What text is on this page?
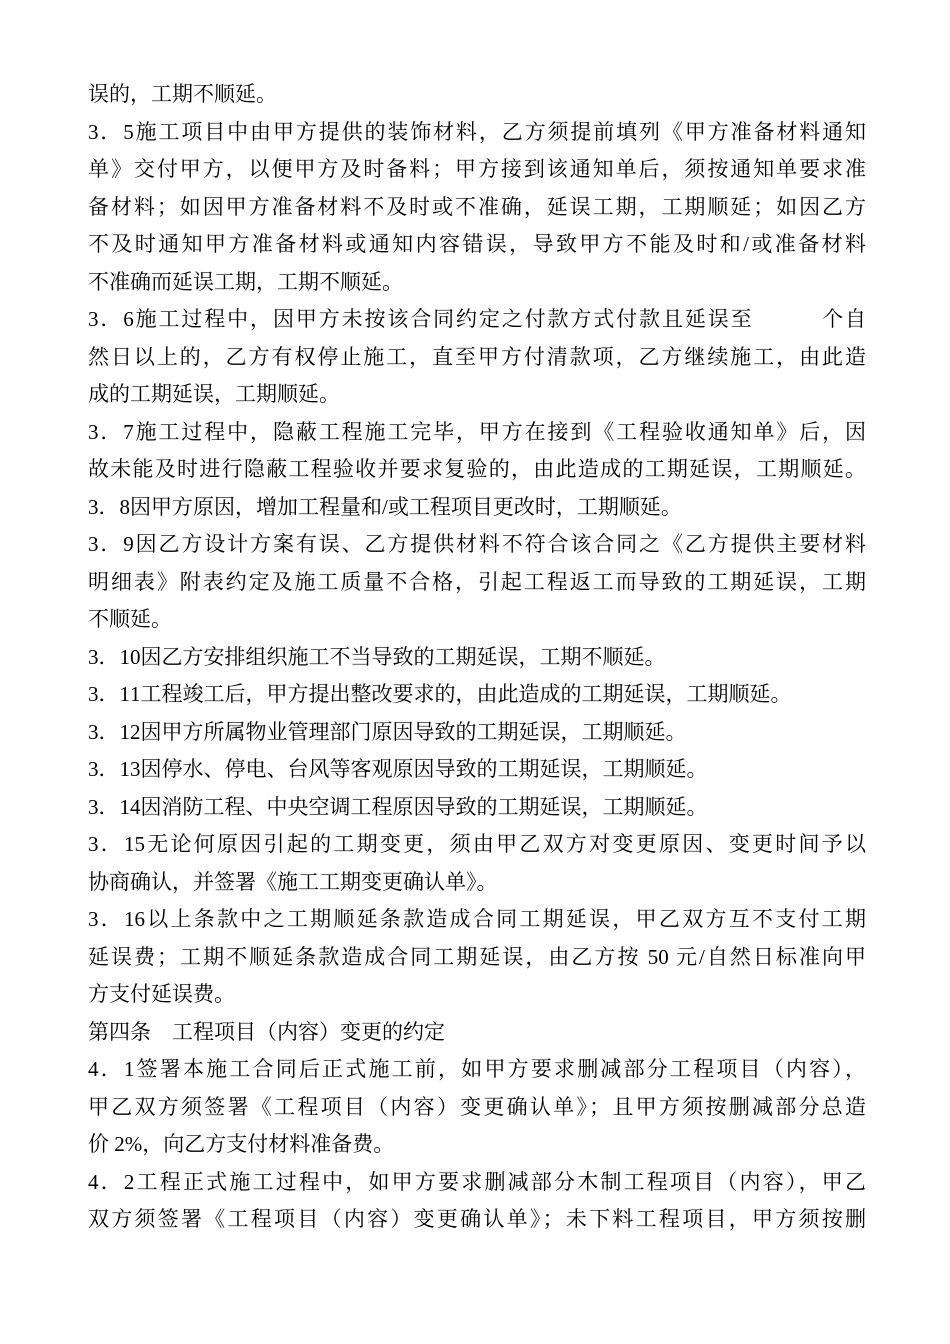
误的，工期不顺延。
3．5施工项目中由甲方提供的装饰材料，乙方须提前填列《甲方准备材料通知
单》交付甲方，以便甲方及时备料；甲方接到该通知单后，须按通知单要求准
备材料；如因甲方准备材料不及时或不准确，延误工期，工期顺延；如因乙方
不及时通知甲方准备材料或通知内容错误，导致甲方不能及时和/或准备材料
不准确而延误工期，工期不顺延。
3．6施工过程中，因甲方未按该合同约定之付款方式付款且延误至　　　个自
然日以上的，乙方有权停止施工，直至甲方付清款项，乙方继续施工，由此造
成的工期延误，工期顺延。
3．7施工过程中，隐蔽工程施工完毕，甲方在接到《工程验收通知单》后，因
故未能及时进行隐蔽工程验收并要求复验的，由此造成的工期延误，工期顺延。
3．8因甲方原因，增加工程量和/或工程项目更改时，工期顺延。
3．9因乙方设计方案有误、乙方提供材料不符合该合同之《乙方提供主要材料
明细表》附表约定及施工质量不合格，引起工程返工而导致的工期延误，工期
不顺延。
3．10因乙方安排组织施工不当导致的工期延误，工期不顺延。
3．11工程竣工后，甲方提出整改要求的，由此造成的工期延误，工期顺延。
3．12因甲方所属物业管理部门原因导致的工期延误，工期顺延。
3．13因停水、停电、台风等客观原因导致的工期延误，工期顺延。
3．14因消防工程、中央空调工程原因导致的工期延误，工期顺延。
3．15无论何原因引起的工期变更，须由甲乙双方对变更原因、变更时间予以
协商确认，并签署《施工工期变更确认单》。
3．16以上条款中之工期顺延条款造成合同工期延误，甲乙双方互不支付工期
延误费；工期不顺延条款造成合同工期延误，由乙方按 50 元/自然日标准向甲
方支付延误费。
第四条　工程项目（内容）变更的约定
4．1签署本施工合同后正式施工前，如甲方要求删减部分工程项目（内容），
甲乙双方须签署《工程项目（内容）变更确认单》；且甲方须按删减部分总造
价 2%，向乙方支付材料准备费。
4．2工程正式施工过程中，如甲方要求删减部分木制工程项目（内容），甲乙
双方须签署《工程项目（内容）变更确认单》；未下料工程项目，甲方须按删
